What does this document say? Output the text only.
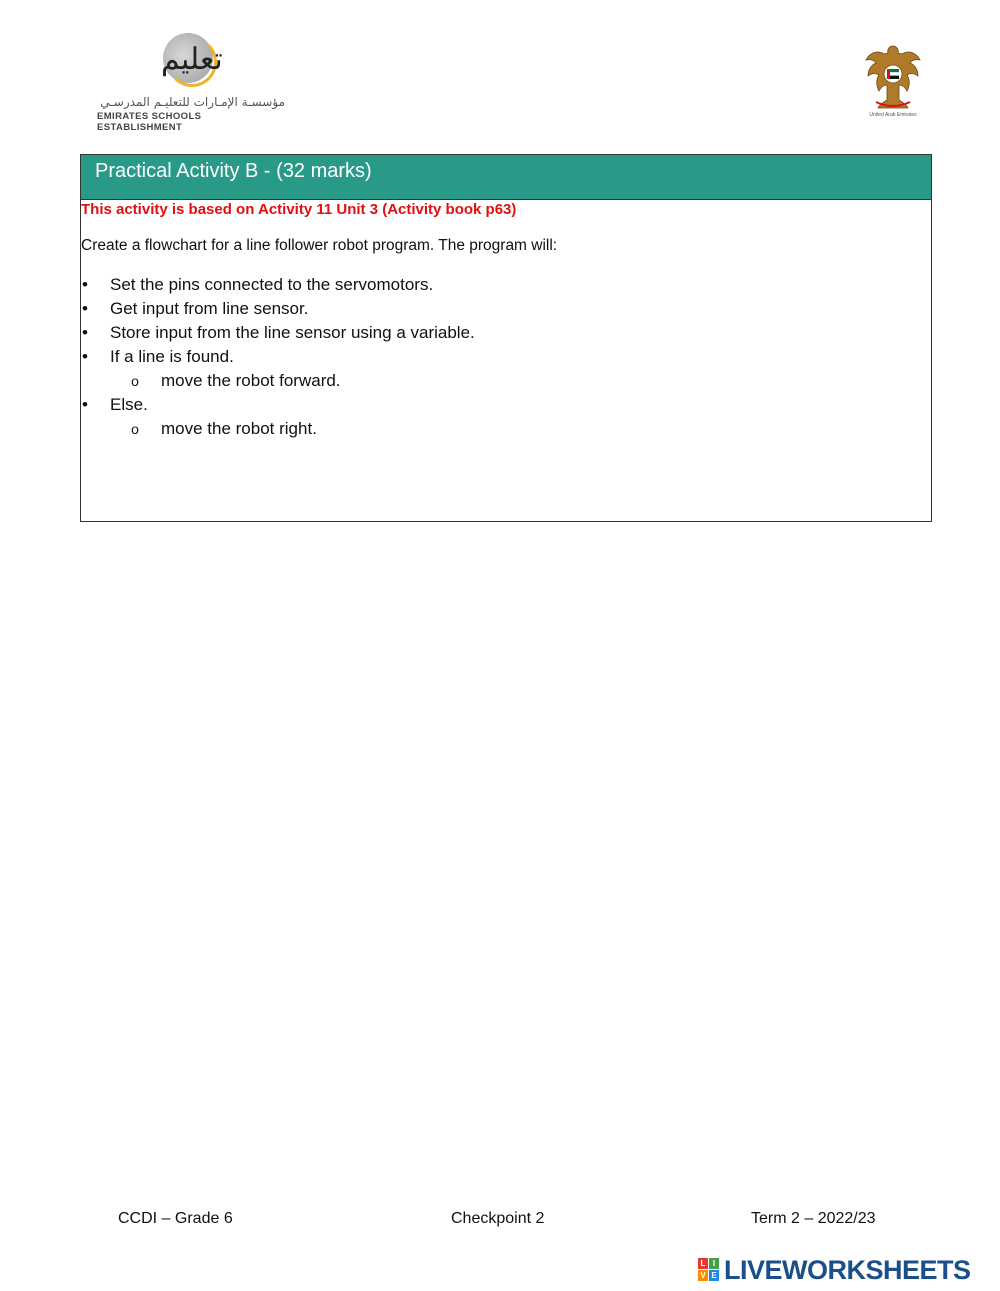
تعليم
مؤسسـة الإمـارات للتعليـم المدرسـي
EMIRATES SCHOOLS ESTABLISHMENT
United Arab Emirates
Practical Activity B - (32 marks)
This activity is based on Activity 11 Unit 3 (Activity book p63)
Create a flowchart for a line follower robot program. The program will:
• Set the pins connected to the servomotors.
• Get input from line sensor.
• Store input from the line sensor using a variable.
• If a line is found.
o move the robot forward.
• Else.
o move the robot right.
CCDI – Grade 6	Checkpoint 2	Term 2 – 2022/23
L I
V E LIVEWORKSHEETS
